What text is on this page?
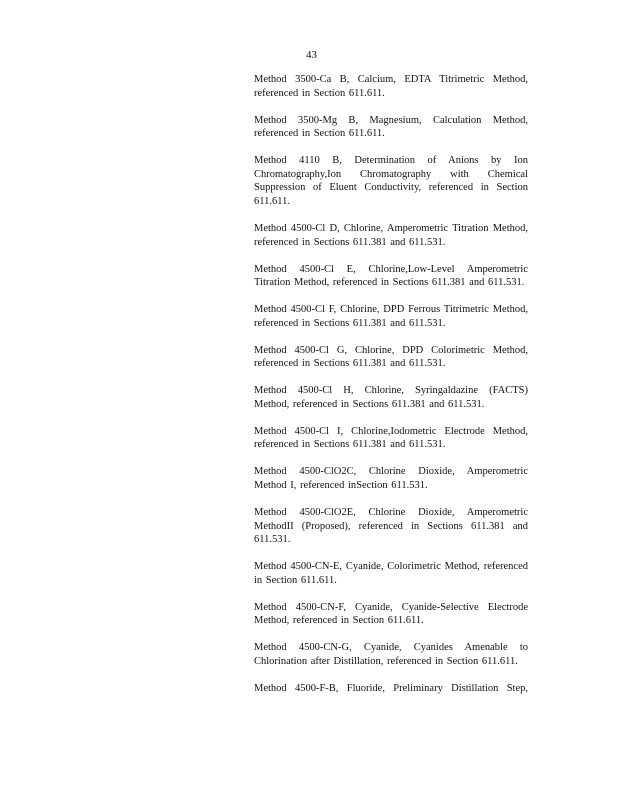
43

Method 3500-Ca B, Calcium, EDTA Titrimetric Method, referenced in Section 611.611.

Method 3500-Mg B, Magnesium, Calculation Method, referenced in Section 611.611.

Method 4110 B, Determination of Anions by Ion Chromatography,Ion Chromatography with Chemical Suppression of Eluent Conductivity, referenced in Section 611.611.

Method 4500-Cl D, Chlorine, Amperometric Titration Method, referenced in Sections 611.381 and 611.531.

Method 4500-Cl E, Chlorine,Low-Level Amperometric Titration Method, referenced in Sections 611.381 and 611.531.

Method 4500-Cl F, Chlorine, DPD Ferrous Titrimetric Method, referenced in Sections 611.381 and 611.531.

Method 4500-Cl G, Chlorine, DPD Colorimetric Method, referenced in Sections 611.381 and 611.531.

Method 4500-Cl H, Chlorine, Syringaldazine (FACTS) Method, referenced in Sections 611.381 and 611.531.

Method 4500-Cl I, Chlorine,Iodometric Electrode Method, referenced in Sections 611.381 and 611.531.

Method 4500-ClO2C, Chlorine Dioxide, Amperometric Method I, referenced inSection 611.531.

Method 4500-ClO2E, Chlorine Dioxide, Amperometric MethodII (Proposed), referenced in Sections 611.381 and 611.531.

Method 4500-CN-E, Cyanide, Colorimetric Method, referenced in Section 611.611.

Method 4500-CN-F, Cyanide, Cyanide-Selective Electrode Method, referenced in Section 611.611.

Method 4500-CN-G, Cyanide, Cyanides Amenable to Chlorination after Distillation, referenced in Section 611.611.

Method 4500-F-B, Fluoride, Preliminary Distillation Step,
